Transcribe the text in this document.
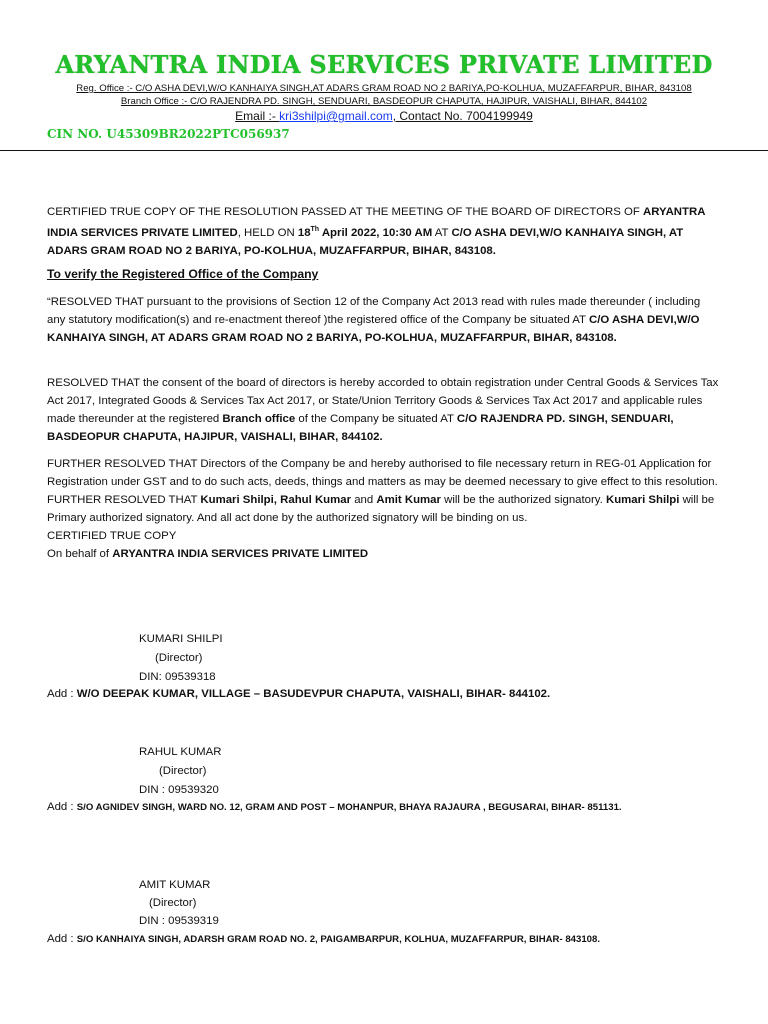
ARYANTRA INDIA SERVICES PRIVATE LIMITED
Reg. Office :- C/O ASHA DEVI,W/O KANHAIYA SINGH,AT ADARS GRAM ROAD NO 2 BARIYA,PO-KOLHUA, MUZAFFARPUR, BIHAR, 843108
Branch Office :- C/O RAJENDRA PD. SINGH, SENDUARI, BASDEOPUR CHAPUTA, HAJIPUR, VAISHALI, BIHAR, 844102
Email :- kri3shilpi@gmail.com, Contact No. 7004199949
CIN NO. U45309BR2022PTC056937
CERTIFIED TRUE COPY OF THE RESOLUTION PASSED AT THE MEETING OF THE BOARD OF DIRECTORS OF ARYANTRA INDIA SERVICES PRIVATE LIMITED, HELD ON 18Th April 2022, 10:30 AM AT C/O ASHA DEVI,W/O KANHAIYA SINGH, AT ADARS GRAM ROAD NO 2 BARIYA, PO-KOLHUA, MUZAFFARPUR, BIHAR, 843108.
To verify the Registered Office of the Company
“RESOLVED THAT pursuant to the provisions of Section 12 of the Company Act 2013 read with rules made thereunder ( including any statutory modification(s) and re-enactment thereof )the registered office of the Company be situated AT C/O ASHA DEVI,W/O KANHAIYA SINGH, AT ADARS GRAM ROAD NO 2 BARIYA, PO-KOLHUA, MUZAFFARPUR, BIHAR, 843108.
RESOLVED THAT the consent of the board of directors is hereby accorded to obtain registration under Central Goods & Services Tax Act 2017, Integrated Goods & Services Tax Act 2017, or State/Union Territory Goods & Services Tax Act 2017 and applicable rules made thereunder at the registered Branch office of the Company be situated AT C/O RAJENDRA PD. SINGH, SENDUARI, BASDEOPUR CHAPUTA, HAJIPUR, VAISHALI, BIHAR, 844102.
FURTHER RESOLVED THAT Directors of the Company be and hereby authorised to file necessary return in REG-01 Application for Registration under GST and to do such acts, deeds, things and matters as may be deemed necessary to give effect to this resolution.
FURTHER RESOLVED THAT Kumari Shilpi, Rahul Kumar and Amit Kumar will be the authorized signatory. Kumari Shilpi will be Primary authorized signatory. And all act done by the authorized signatory will be binding on us.
CERTIFIED TRUE COPY
On behalf of ARYANTRA INDIA SERVICES PRIVATE LIMITED
KUMARI SHILPI
(Director)
DIN: 09539318
Add : W/O DEEPAK KUMAR, VILLAGE – BASUDEVPUR CHAPUTA, VAISHALI, BIHAR- 844102.
RAHUL KUMAR
(Director)
DIN : 09539320
Add : S/O AGNIDEV SINGH, WARD NO. 12, GRAM AND POST – MOHANPUR, BHAYA RAJAURA , BEGUSARAI, BIHAR- 851131.
AMIT KUMAR
(Director)
DIN : 09539319
Add : S/O KANHAIYA SINGH, ADARSH GRAM ROAD NO. 2, PAIGAMBARPUR, KOLHUA, MUZAFFARPUR, BIHAR- 843108.
